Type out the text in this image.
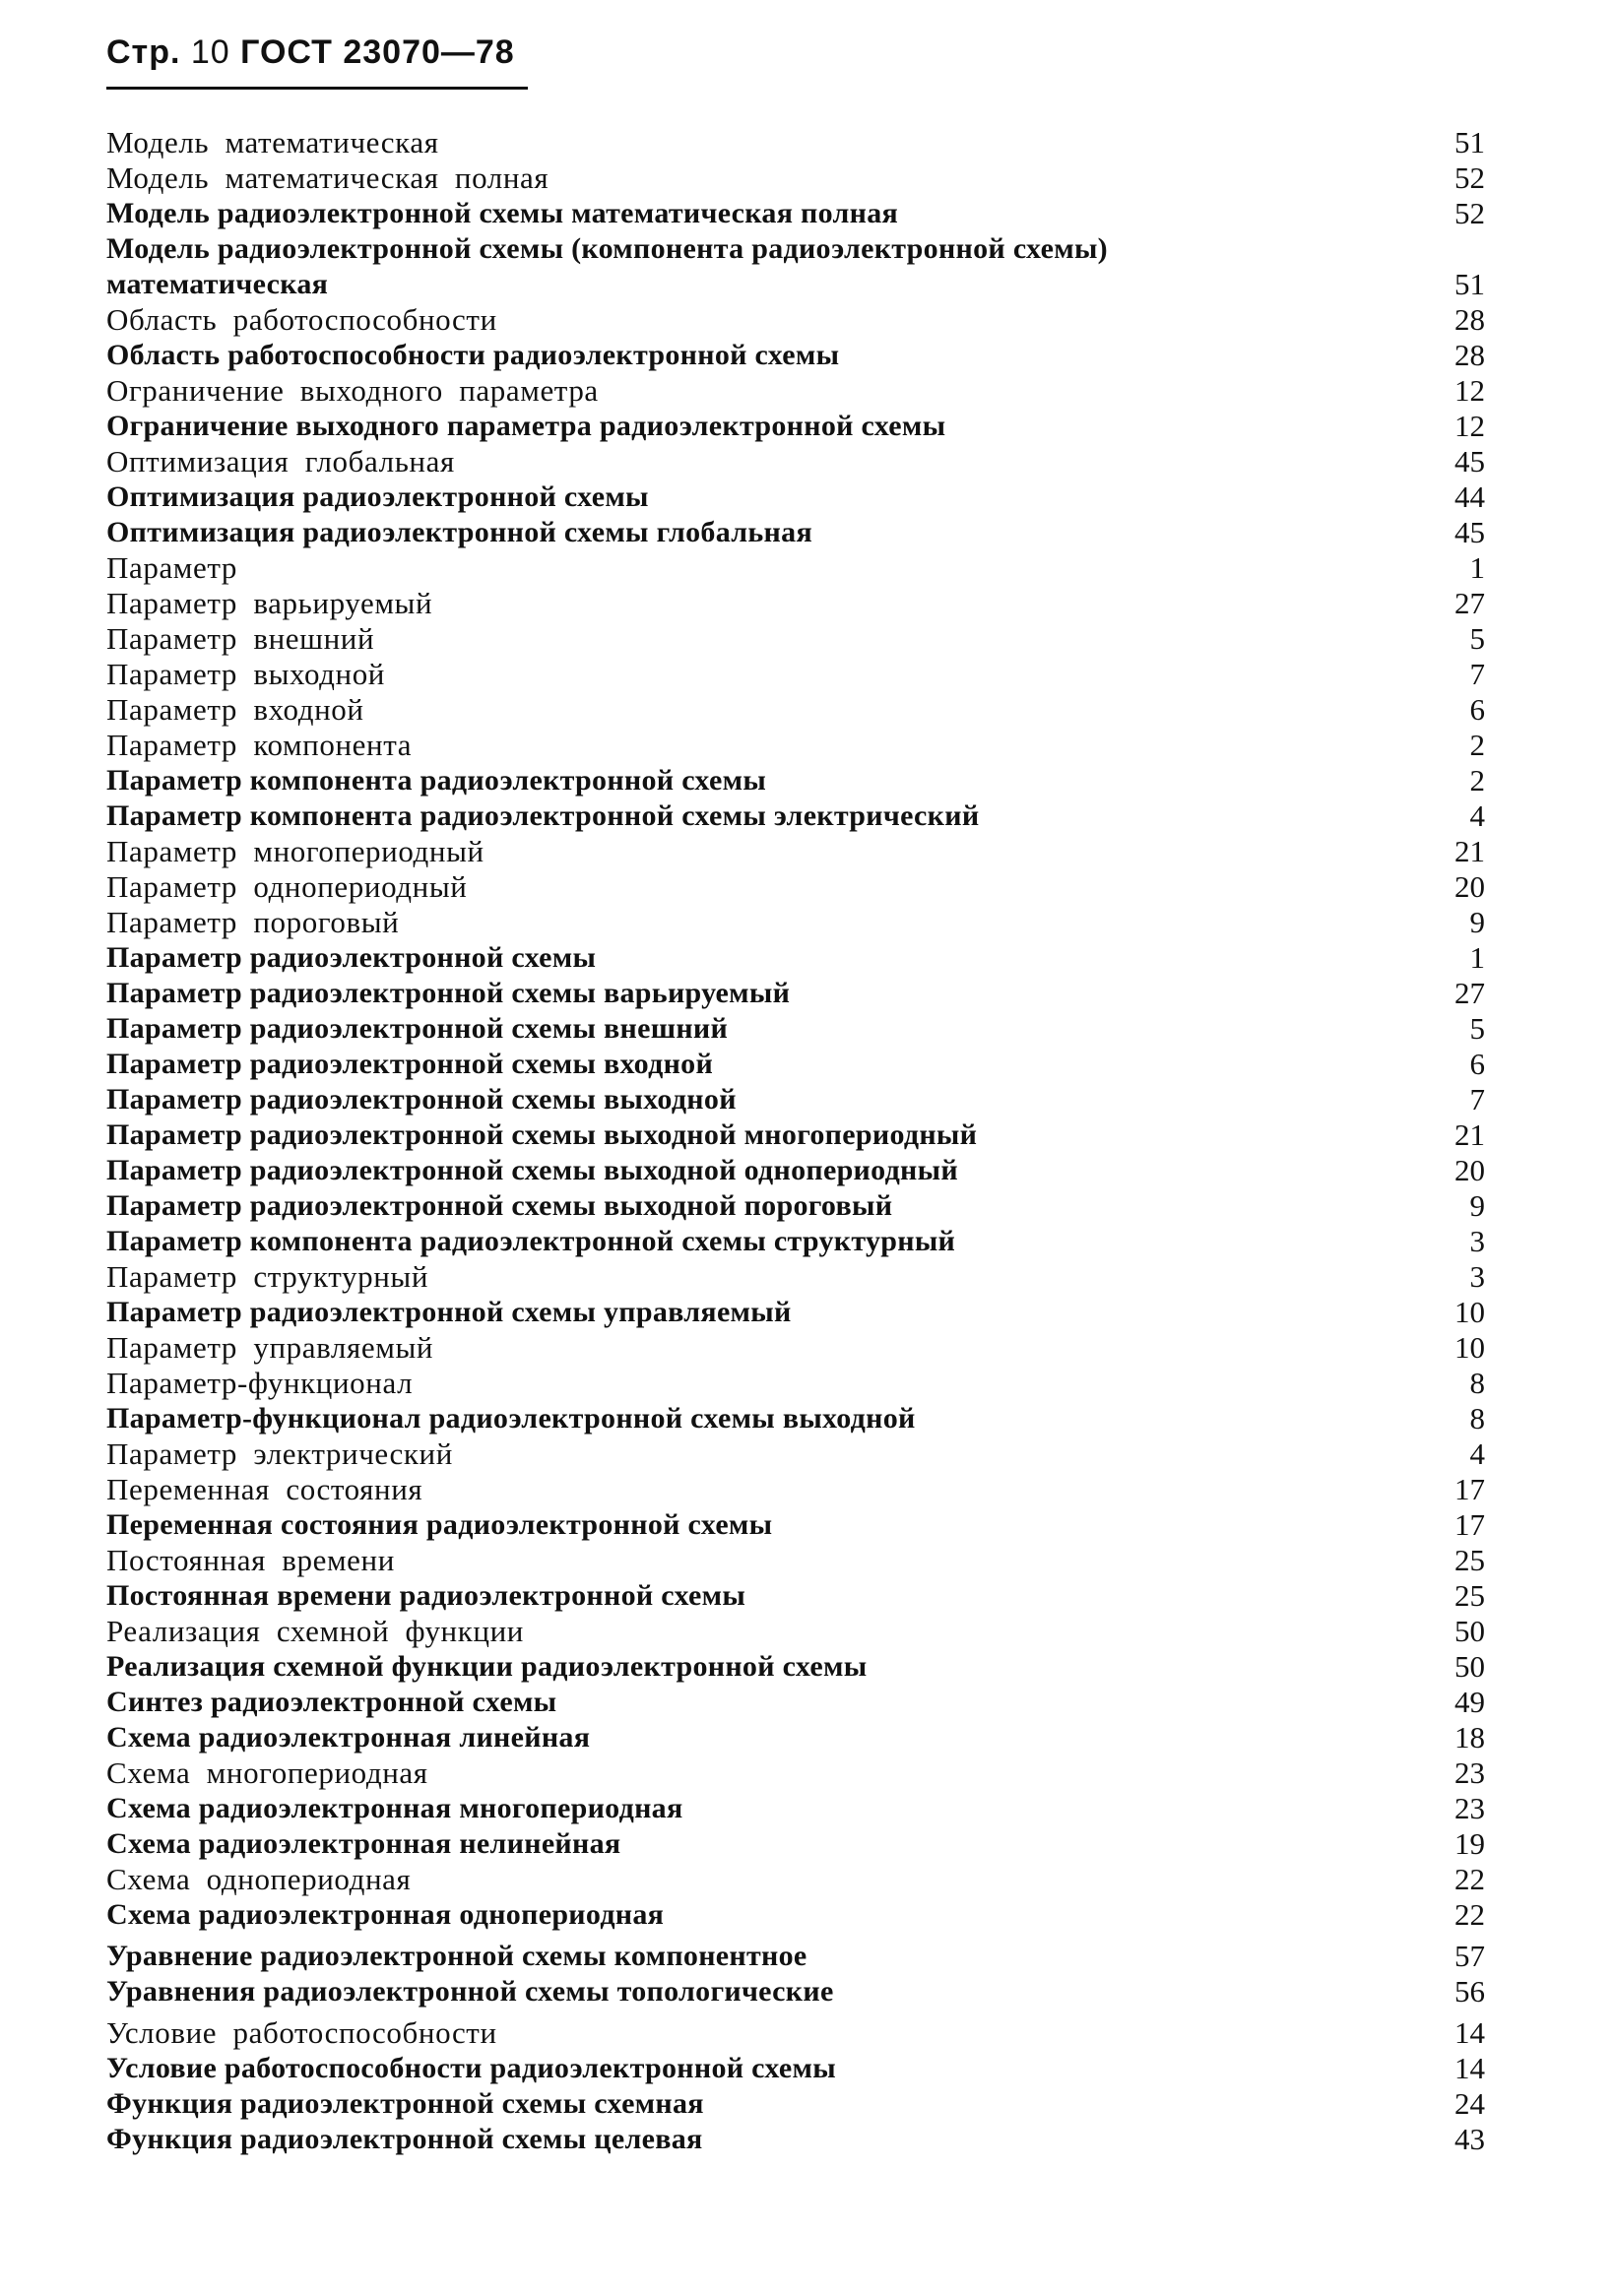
Стр. 10 ГОСТ 23070—78
Модель математическая	51
Модель математическая полная	52
Модель радиоэлектронной схемы математическая полная	52
Модель радиоэлектронной схемы (компонента радиоэлектронной схемы) математическая	51
Область работоспособности	28
Область работоспособности радиоэлектронной схемы	28
Ограничение выходного параметра	12
Ограничение выходного параметра радиоэлектронной схемы	12
Оптимизация глобальная	45
Оптимизация радиоэлектронной схемы	44
Оптимизация радиоэлектронной схемы глобальная	45
Параметр	1
Параметр варьируемый	27
Параметр внешний	5
Параметр выходной	7
Параметр входной	6
Параметр компонента	2
Параметр компонента радиоэлектронной схемы	2
Параметр компонента радиоэлектронной схемы электрический	4
Параметр многопериодный	21
Параметр однопериодный	20
Параметр пороговый	9
Параметр радиоэлектронной схемы	1
Параметр радиоэлектронной схемы варьируемый	27
Параметр радиоэлектронной схемы внешний	5
Параметр радиоэлектронной схемы входной	6
Параметр радиоэлектронной схемы выходной	7
Параметр радиоэлектронной схемы выходной многопериодный	21
Параметр радиоэлектронной схемы выходной однопериодный	20
Параметр радиоэлектронной схемы выходной пороговый	9
Параметр компонента радиоэлектронной схемы структурный	3
Параметр структурный	3
Параметр радиоэлектронной схемы управляемый	10
Параметр управляемый	10
Параметр-функционал	8
Параметр-функционал радиоэлектронной схемы выходной	8
Параметр электрический	4
Переменная состояния	17
Переменная состояния радиоэлектронной схемы	17
Постоянная времени	25
Постоянная времени радиоэлектронной схемы	25
Реализация схемной функции	50
Реализация схемной функции радиоэлектронной схемы	50
Синтез радиоэлектронной схемы	49
Схема радиоэлектронная линейная	18
Схема многопериодная	23
Схема радиоэлектронная многопериодная	23
Схема радиоэлектронная нелинейная	19
Схема однопериодная	22
Схема радиоэлектронная однопериодная	22
Уравнение радиоэлектронной схемы компонентное	57
Уравнения радиоэлектронной схемы топологические	56
Условие работоспособности	14
Условие работоспособности радиоэлектронной схемы	14
Функция радиоэлектронной схемы схемная	24
Функция радиоэлектронной схемы целевая	43
